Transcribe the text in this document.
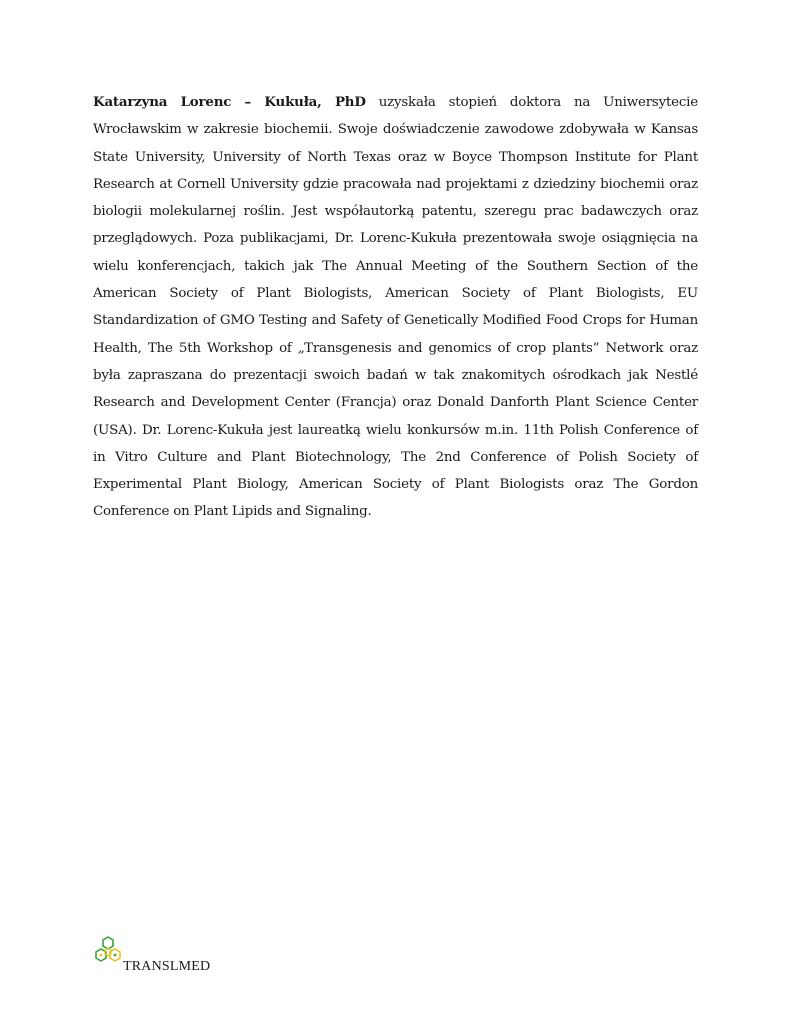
Katarzyna Lorenc – Kukuła, PhD uzyskała stopień doktora na Uniwersytecie Wrocławskim w zakresie biochemii. Swoje doświadczenie zawodowe zdobywała w Kansas State University, University of North Texas oraz w Boyce Thompson Institute for Plant Research at Cornell University gdzie pracowała nad projektami z dziedziny biochemii oraz biologii molekularnej roślin. Jest współautorką patentu, szeregu prac badawczych oraz przeglądowych. Poza publikacjami, Dr. Lorenc-Kukuła prezentowała swoje osiągnięcia na wielu konferencjach, takich jak The Annual Meeting of the Southern Section of the American Society of Plant Biologists, American Society of Plant Biologists, EU Standardization of GMO Testing and Safety of Genetically Modified Food Crops for Human Health, The 5th Workshop of „Transgenesis and genomics of crop plants” Network oraz była zapraszana do prezentacji swoich badań w tak znakomitych ośrodkach jak Nestlé Research and Development Center (Francja) oraz Donald Danforth Plant Science Center (USA). Dr. Lorenc-Kukuła jest laureatką wielu konkursów m.in. 11th Polish Conference of in Vitro Culture and Plant Biotechnology, The 2nd Conference of Polish Society of Experimental Plant Biology, American Society of Plant Biologists oraz The Gordon Conference on Plant Lipids and Signaling.

TRANSLMED
